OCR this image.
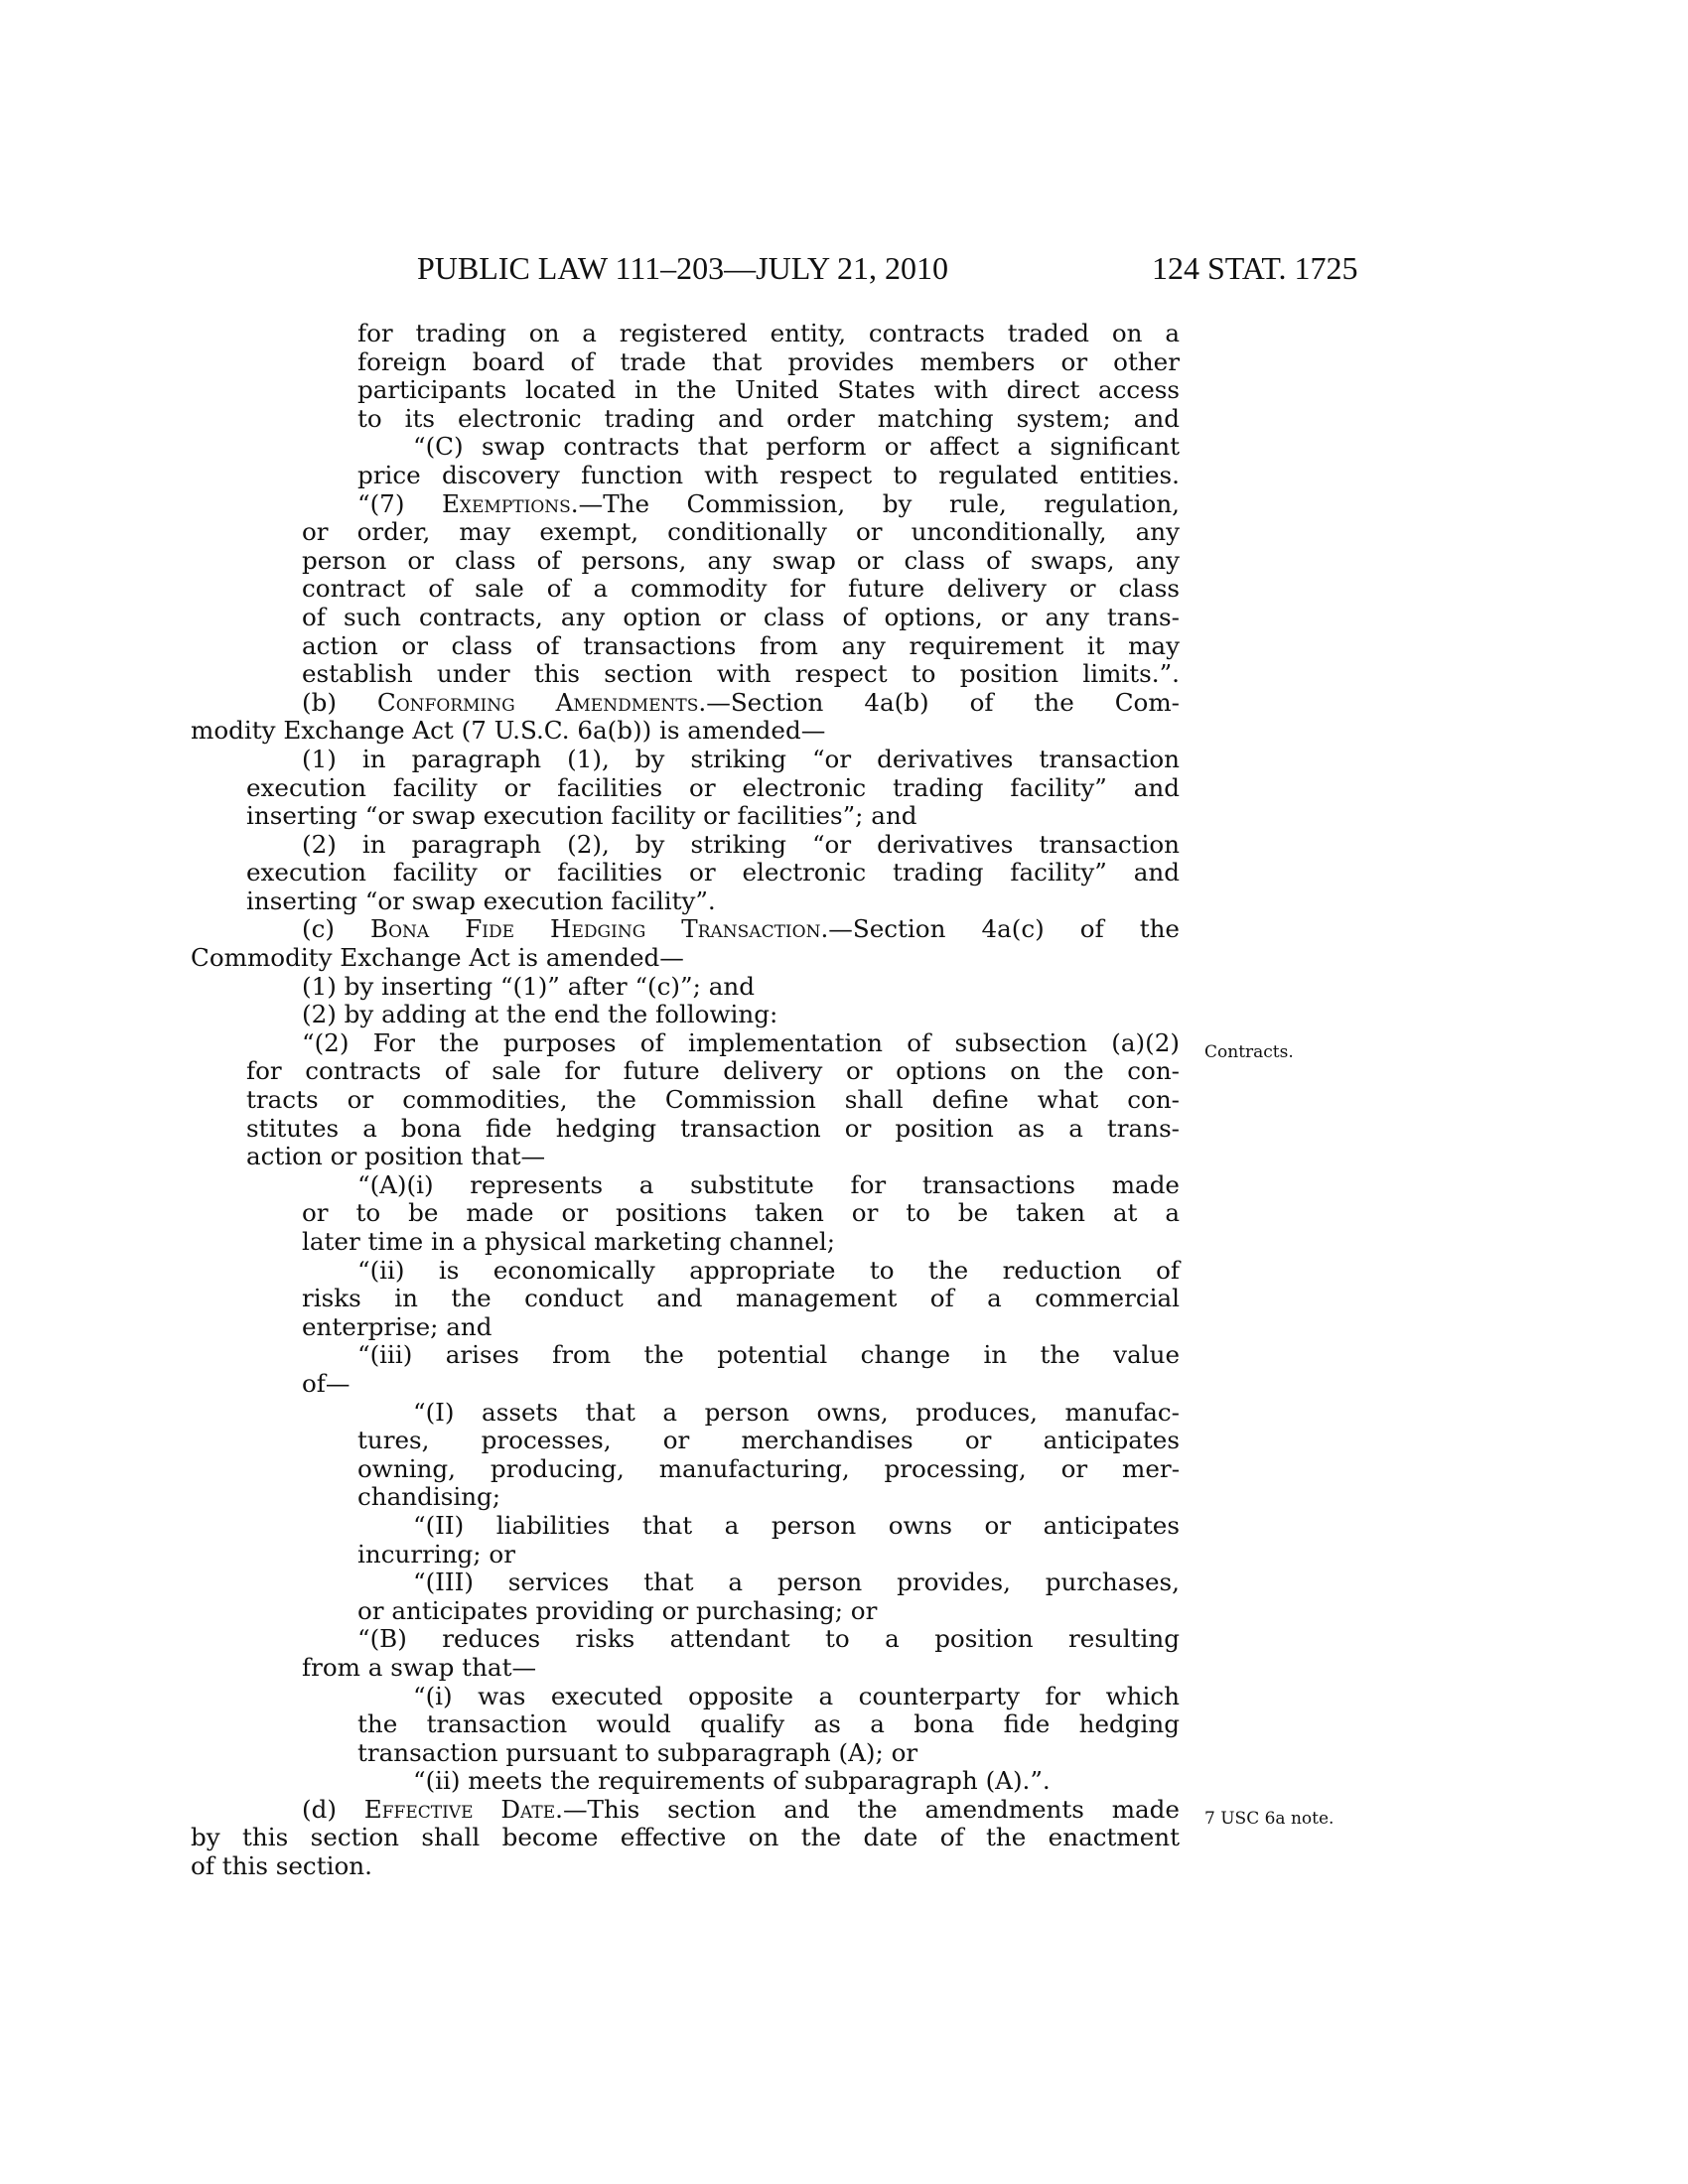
PUBLIC LAW 111–203—JULY 21, 2010	124 STAT. 1725
for trading on a registered entity, contracts traded on a
foreign board of trade that provides members or other
participants located in the United States with direct access
to its electronic trading and order matching system; and
“(C) swap contracts that perform or affect a significant
price discovery function with respect to regulated entities.
“(7) Exemptions.—The Commission, by rule, regulation,
or order, may exempt, conditionally or unconditionally, any
person or class of persons, any swap or class of swaps, any
contract of sale of a commodity for future delivery or class
of such contracts, any option or class of options, or any trans-
action or class of transactions from any requirement it may
establish under this section with respect to position limits.”.
(b) Conforming Amendments.—Section 4a(b) of the Com-
modity Exchange Act (7 U.S.C. 6a(b)) is amended—
(1) in paragraph (1), by striking “or derivatives transaction
execution facility or facilities or electronic trading facility” and
inserting “or swap execution facility or facilities”; and
(2) in paragraph (2), by striking “or derivatives transaction
execution facility or facilities or electronic trading facility” and
inserting “or swap execution facility”.
(c) Bona Fide Hedging Transaction.—Section 4a(c) of the
Commodity Exchange Act is amended—
(1) by inserting “(1)” after “(c)”; and
(2) by adding at the end the following:
“(2) For the purposes of implementation of subsection (a)(2)
for contracts of sale for future delivery or options on the con-
tracts or commodities, the Commission shall define what con-
stitutes a bona fide hedging transaction or position as a trans-
action or position that—
“(A)(i) represents a substitute for transactions made
or to be made or positions taken or to be taken at a
later time in a physical marketing channel;
“(ii) is economically appropriate to the reduction of
risks in the conduct and management of a commercial
enterprise; and
“(iii) arises from the potential change in the value
of—
“(I) assets that a person owns, produces, manufac-
tures, processes, or merchandises or anticipates
owning, producing, manufacturing, processing, or mer-
chandising;
“(II) liabilities that a person owns or anticipates
incurring; or
“(III) services that a person provides, purchases,
or anticipates providing or purchasing; or
“(B) reduces risks attendant to a position resulting
from a swap that—
“(i) was executed opposite a counterparty for which
the transaction would qualify as a bona fide hedging
transaction pursuant to subparagraph (A); or
“(ii) meets the requirements of subparagraph (A).”.
(d) Effective Date.—This section and the amendments made
by this section shall become effective on the date of the enactment
of this section.
Contracts.
7 USC 6a note.
